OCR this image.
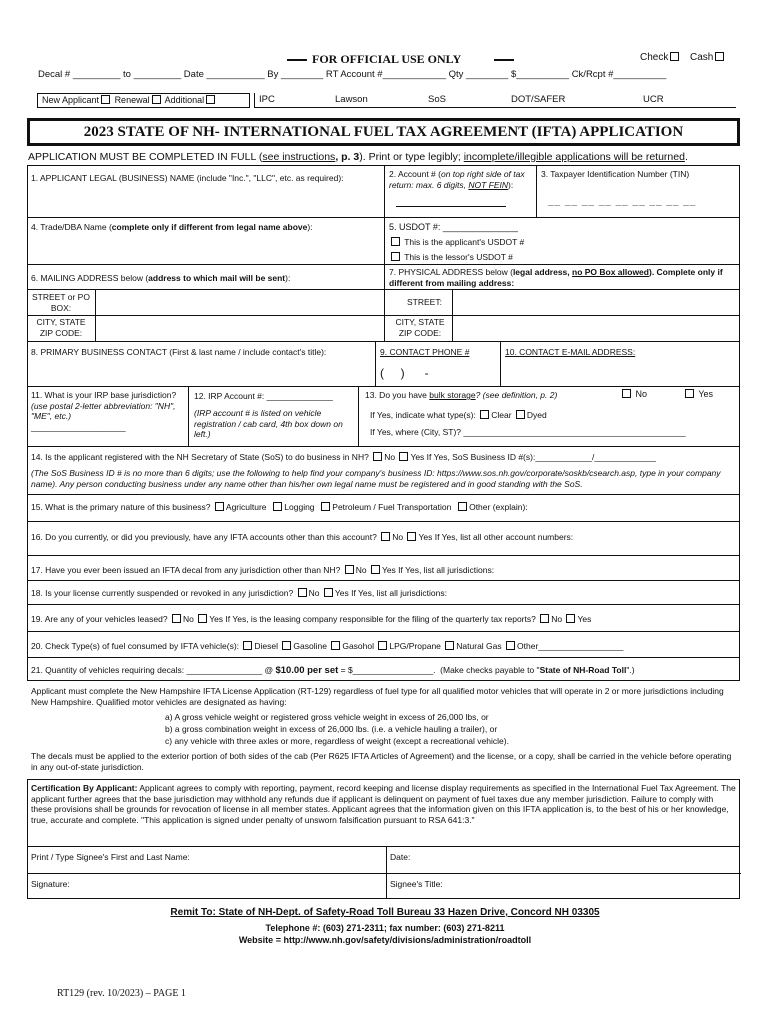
FOR OFFICIAL USE ONLY	Check	Cash
Decal # _________ to _________ Date ___________ By ________ RT Account #____________ Qty ________ $__________ Ck/Rcpt #__________
New Applicant Renewal Additional	IPC	Lawson	SoS	DOT/SAFER	UCR
2023 STATE OF NH- INTERNATIONAL FUEL TAX AGREEMENT (IFTA) APPLICATION
APPLICATION MUST BE COMPLETED IN FULL (see instructions, p. 3). Print or type legibly; incomplete/illegible applications will be returned.
1. APPLICANT LEGAL (BUSINESS) NAME (include "Inc.", "LLC", etc. as required):	2. Account # (on top right side of tax return: max. 6 digits, NOT FEIN):
3. Taxpayer Identification Number (TIN)
__ __ __ __ __ __ __ __ __
4. Trade/DBA Name (complete only if different from legal name above):	5. USDOT #: _______________
This is the applicant's USDOT #
This is the lessor's USDOT #
6. MAILING ADDRESS below (address to which mail will be sent):
7. PHYSICAL ADDRESS below (legal address, no PO Box allowed). Complete only if different from mailing address:
STREET or PO BOX:
STREET:
CITY, STATE ZIP CODE:
CITY, STATE ZIP CODE:
8. PRIMARY BUSINESS CONTACT (First & last name / include contact's title):	9. CONTACT PHONE #
(     )      -
10. CONTACT E-MAIL ADDRESS:
11. What is your IRP base jurisdiction? (use postal 2-letter abbreviation: "NH", "ME", etc.)
____________________
12. IRP Account #: ______________
(IRP account # is listed on vehicle registration / cab card, 4th box down on left.)
13. Do you have bulk storage? (see definition, p. 2)	No	Yes
If Yes, indicate what type(s): Clear Dyed
If Yes, where (City, ST)? _______________________________________________
14. Is the applicant registered with the NH Secretary of State (SoS) to do business in NH? No Yes If Yes, SoS Business ID #(s):____________/_____________
(The SoS Business ID # is no more than 6 digits; use the following to help find your company's business ID: https://www.sos.nh.gov/corporate/soskb/csearch.asp, type in your company name). Any person conducting business under any name other than his/her own legal name must be registered and in good standing with the SoS.
15. What is the primary nature of this business? Agriculture Logging Petroleum / Fuel Transportation Other (explain):
16. Do you currently, or did you previously, have any IFTA accounts other than this account? No Yes If Yes, list all other account numbers:
17. Have you ever been issued an IFTA decal from any jurisdiction other than NH? No Yes If Yes, list all jurisdictions:
18. Is your license currently suspended or revoked in any jurisdiction? No Yes If Yes, list all jurisdictions:
19. Are any of your vehicles leased? No Yes If Yes, is the leasing company responsible for the filing of the quarterly tax reports? No Yes
20. Check Type(s) of fuel consumed by IFTA vehicle(s): Diesel Gasoline Gasohol LPG/Propane Natural Gas Other__________________
21. Quantity of vehicles requiring decals: ________________ @ $10.00 per set = $_________________. (Make checks payable to "State of NH-Road Toll".)
Applicant must complete the New Hampshire IFTA License Application (RT-129) regardless of fuel type for all qualified motor vehicles that will operate in 2 or more jurisdictions including New Hampshire. Qualified motor vehicles are designated as having:
a) A gross vehicle weight or registered gross vehicle weight in excess of 26,000 lbs, or
b) a gross combination weight in excess of 26,000 lbs. (i.e. a vehicle hauling a trailer), or
c) any vehicle with three axles or more, regardless of weight (except a recreational vehicle).
The decals must be applied to the exterior portion of both sides of the cab (Per R625 IFTA Articles of Agreement) and the license, or a copy, shall be carried in the vehicle before operating in any out-of-state jurisdiction.
Certification By Applicant: Applicant agrees to comply with reporting, payment, record keeping and license display requirements as specified in the International Fuel Tax Agreement. The applicant further agrees that the base jurisdiction may withhold any refunds due if applicant is delinquent on payment of fuel taxes due any member jurisdiction. Failure to comply with these provisions shall be grounds for revocation of license in all member states. Applicant agrees that the information given on this IFTA application is, to the best of his or her knowledge, true, accurate and complete. "This application is signed under penalty of unsworn falsification pursuant to RSA 641:3."
Print / Type Signee's First and Last Name:	Date:
Signature:	Signee's Title:
Remit To: State of NH-Dept. of Safety-Road Toll Bureau 33 Hazen Drive, Concord NH 03305
Telephone #: (603) 271-2311; fax number: (603) 271-8211
Website = http://www.nh.gov/safety/divisions/administration/roadtoll
RT129 (rev. 10/2023) – PAGE 1
